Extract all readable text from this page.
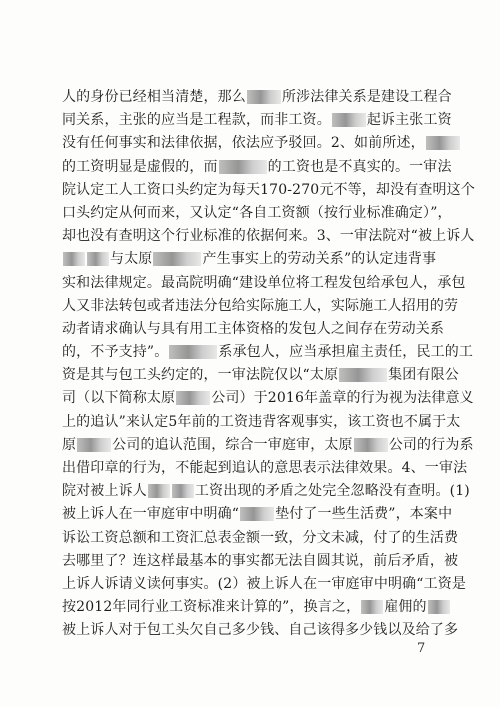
人的身份已经相当清楚，那么	所涉法律关系是建设工程合
同关系，主张的应当是工程款，而非工资。	起诉主张工资
没有任何事实和法律依据，依法应予驳回。2、如前所述，
的工资明显是虚假的，而	的工资也是不真实的。一审法
院认定工人工资口头约定为每天170-270元不等，却没有查明这个
口头约定从何而来，又认定“各自工资额（按行业标准确定）”，
却也没有查明这个行业标准的依据何来。3、一审法院对“被上诉人
与太原	产生事实上的劳动关系”的认定违背事
实和法律规定。最高院明确“建设单位将工程发包给承包人，承包
人又非法转包或者违法分包给实际施工人，实际施工人招用的劳
动者请求确认与具有用工主体资格的发包人之间存在劳动关系
的，不予支持”。	系承包人，应当承担雇主责任，民工的工
资是其与包工头约定的，一审法院仅以“太原	集团有限公
司（以下简称太原	公司）于2016年盖章的行为视为法律意义
上的追认”来认定5年前的工资违背客观事实，该工资也不属于太
原	公司的追认范围，综合一审庭审，太原	公司的行为系
出借印章的行为，不能起到追认的意思表示法律效果。4、一审法
院对被上诉人	工资出现的矛盾之处完全忽略没有查明。(1)
被上诉人在一审庭审中明确“	垫付了一些生活费”，本案中
诉讼工资总额和工资汇总表金额一致，分文未减，付了的生活费
去哪里了？连这样最基本的事实都无法自圆其说，前后矛盾，被
上诉人诉请义读何事实。(2）被上诉人在一审庭审中明确“工资是
按2012年同行业工资标准来计算的”，换言之， 雇佣的
被上诉人对于包工头欠自己多少钱、自己该得多少钱以及给了多
7
